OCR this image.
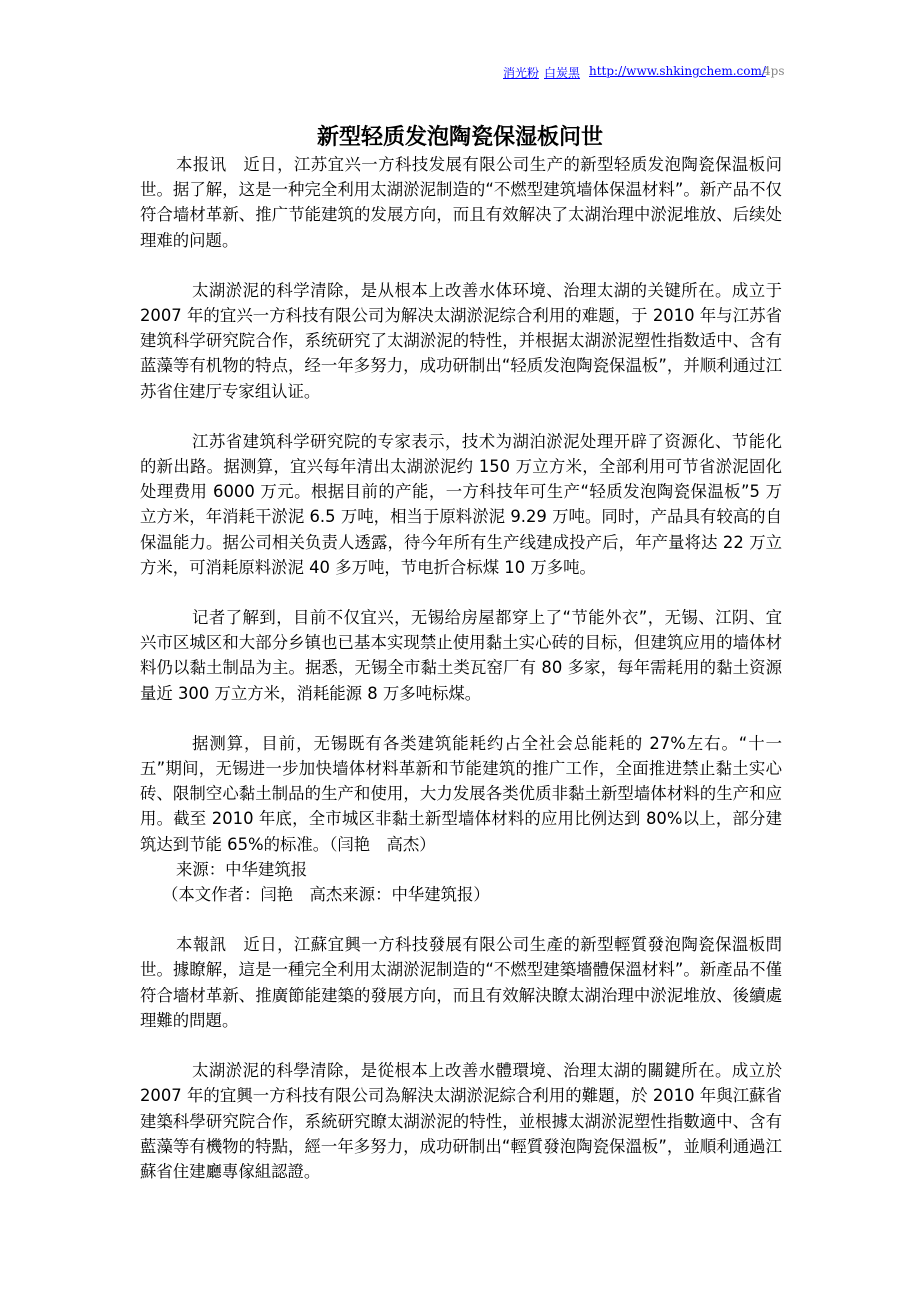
消光粉 白炭黑 http://www.shkingchem.com/
4ps
新型轻质发泡陶瓷保湿板问世

本报讯　近日，江苏宜兴一方科技发展有限公司生产的新型轻质发泡陶瓷保温板问世。据了解，这是一种完全利用太湖淤泥制造的“不燃型建筑墙体保温材料”。新产品不仅符合墙材革新、推广节能建筑的发展方向，而且有效解决了太湖治理中淤泥堆放、后续处理难的问题。

太湖淤泥的科学清除，是从根本上改善水体环境、治理太湖的关键所在。成立于 2007 年的宜兴一方科技有限公司为解决太湖淤泥综合利用的难题，于 2010 年与江苏省建筑科学研究院合作，系统研究了太湖淤泥的特性，并根据太湖淤泥塑性指数适中、含有蓝藻等有机物的特点，经一年多努力，成功研制出“轻质发泡陶瓷保温板”，并顺利通过江苏省住建厅专家组认证。

江苏省建筑科学研究院的专家表示，技术为湖泊淤泥处理开辟了资源化、节能化的新出路。据测算，宜兴每年清出太湖淤泥约 150 万立方米，全部利用可节省淤泥固化处理费用 6000 万元。根据目前的产能，一方科技年可生产“轻质发泡陶瓷保温板”5 万立方米，年消耗干淤泥 6.5 万吨，相当于原料淤泥 9.29 万吨。同时，产品具有较高的自保温能力。据公司相关负责人透露，待今年所有生产线建成投产后，年产量将达 22 万立方米，可消耗原料淤泥 40 多万吨，节电折合标煤 10 万多吨。

记者了解到，目前不仅宜兴，无锡给房屋都穿上了“节能外衣”，无锡、江阴、宜兴市区城区和大部分乡镇也已基本实现禁止使用黏土实心砖的目标，但建筑应用的墙体材料仍以黏土制品为主。据悉，无锡全市黏土类瓦窑厂有 80 多家，每年需耗用的黏土资源量近 300 万立方米，消耗能源 8 万多吨标煤。

据测算，目前，无锡既有各类建筑能耗约占全社会总能耗的 27%左右。“十一五”期间，无锡进一步加快墙体材料革新和节能建筑的推广工作，全面推进禁止黏土实心砖、限制空心黏土制品的生产和使用，大力发展各类优质非黏土新型墙体材料的生产和应用。截至 2010 年底，全市城区非黏土新型墙体材料的应用比例达到 80%以上，部分建筑达到节能 65%的标准。（闫艳　高杰）

来源：中华建筑报

（本文作者：闫艳　高杰来源：中华建筑报）

本報訊　近日，江蘇宜興一方科技發展有限公司生產的新型輕質發泡陶瓷保溫板問世。據瞭解，這是一種完全利用太湖淤泥制造的“不燃型建築墻體保溫材料”。新產品不僅符合墻材革新、推廣節能建築的發展方向，而且有效解決瞭太湖治理中淤泥堆放、後續處理難的問題。

太湖淤泥的科學清除，是從根本上改善水體環境、治理太湖的關鍵所在。成立於 2007 年的宜興一方科技有限公司為解決太湖淤泥綜合利用的難題，於 2010 年與江蘇省建築科學研究院合作，系統研究瞭太湖淤泥的特性，並根據太湖淤泥塑性指數適中、含有藍藻等有機物的特點，經一年多努力，成功研制出“輕質發泡陶瓷保溫板”，並順利通過江蘇省住建廳專傢組認證。
